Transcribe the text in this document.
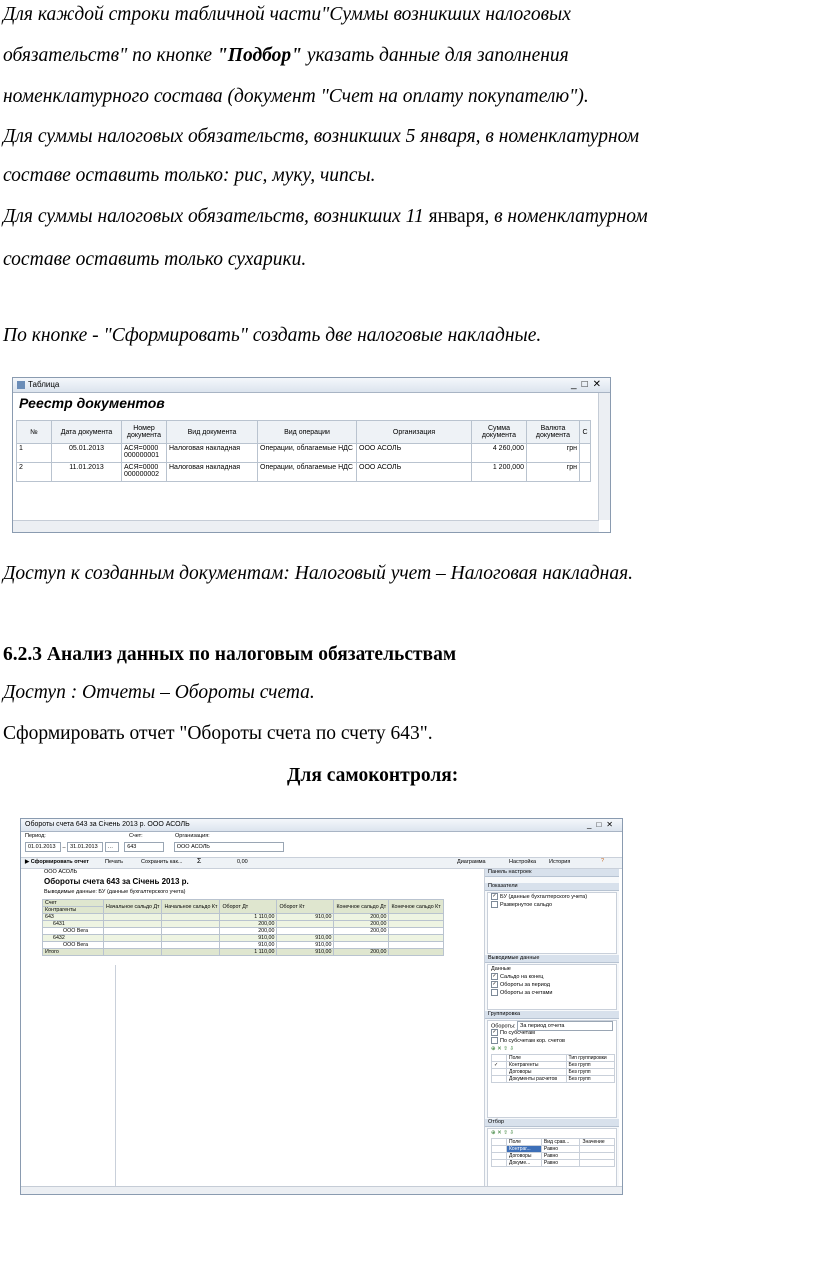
Для каждой строки табличной части"Суммы возникших налоговых
обязательств" по кнопке "Подбор" указать данные для заполнения
номенклатурного состава (документ "Счет на оплату покупателю").
Для суммы налоговых обязательств, возникших 5 января, в номенклатурном
составе оставить только: рис, муку, чипсы.
Для суммы налоговых обязательств, возникших 11 января, в номенклатурном
составе оставить только сухарики.
По кнопке - "Сформировать" создать две налоговые накладные.
Таблица	_□✕
Реестр документов
№	Дата документа	Номер документа	Вид документа	Вид операции	Организация	Сумма документа	Валюта документа	С
1	05.01.2013	АСЯ=0000 000000001	Налоговая накладная	Операции, облагаемые НДС	ООО АСОЛЬ	4 260,000	грн	
2	11.01.2013	АСЯ=0000 000000002	Налоговая накладная	Операции, облагаемые НДС	ООО АСОЛЬ	1 200,000	грн	
Доступ к созданным документам: Налоговый учет – Налоговая накладная.
6.2.3 Анализ данных по налоговым обязательствам
Доступ : Отчеты – Обороты счета.
Сформировать отчет "Обороты счета по счету 643".
Для самоконтроля:
Обороты счета 643 за Січень 2013 р. ООО АСОЛЬ	_□✕
Период:	Счет:	Организация:
01.01.2013 – 31.01.2013 …	643	ООО АСОЛЬ
▶ Сформировать отчет	Печать	Сохранить как... Σ	0,00	Диаграмма	Настройка История	?
ООО АСОЛЬ
Обороты счета 643 за Січень 2013 р.
Выводимые данные: БУ (данные бухгалтерского учета)
Счет	Начальное сальдо Дт	Начальное сальдо Кт	Оборот Дт	Оборот Кт	Конечное сальдо Дт	Конечное сальдо Кт
Контрагенты						
643			1 110,00	910,00	200,00	
6431			200,00		200,00	
ООО Вега			200,00		200,00	
6432			910,00	910,00		
ООО Вега			910,00	910,00		
Итого			1 110,00	910,00	200,00	
Панель настроек
Показатели
✓ БУ (данные бухгалтерского учета)
Развернутое сальдо
Выводимые данные
Данные
✓ Сальдо на конец
✓ Обороты за период
Обороты за счетами
Группировка
Обороты: За период отчета
✓ По субсчетам
По субсчетам кор. счетов
⊕ ✕ ⇧ ⇩
	Поле	Тип группировки
✓	Контрагенты	Без групп
	Договоры	Без групп
	Документы расчетов	Без групп
Отбор
⊕ ✕ ⇧ ⇩
	Поле	Вид срав...	Значение
	Контраг...	Равно	
	Договоры	Равно	
	Докуме...	Равно	
